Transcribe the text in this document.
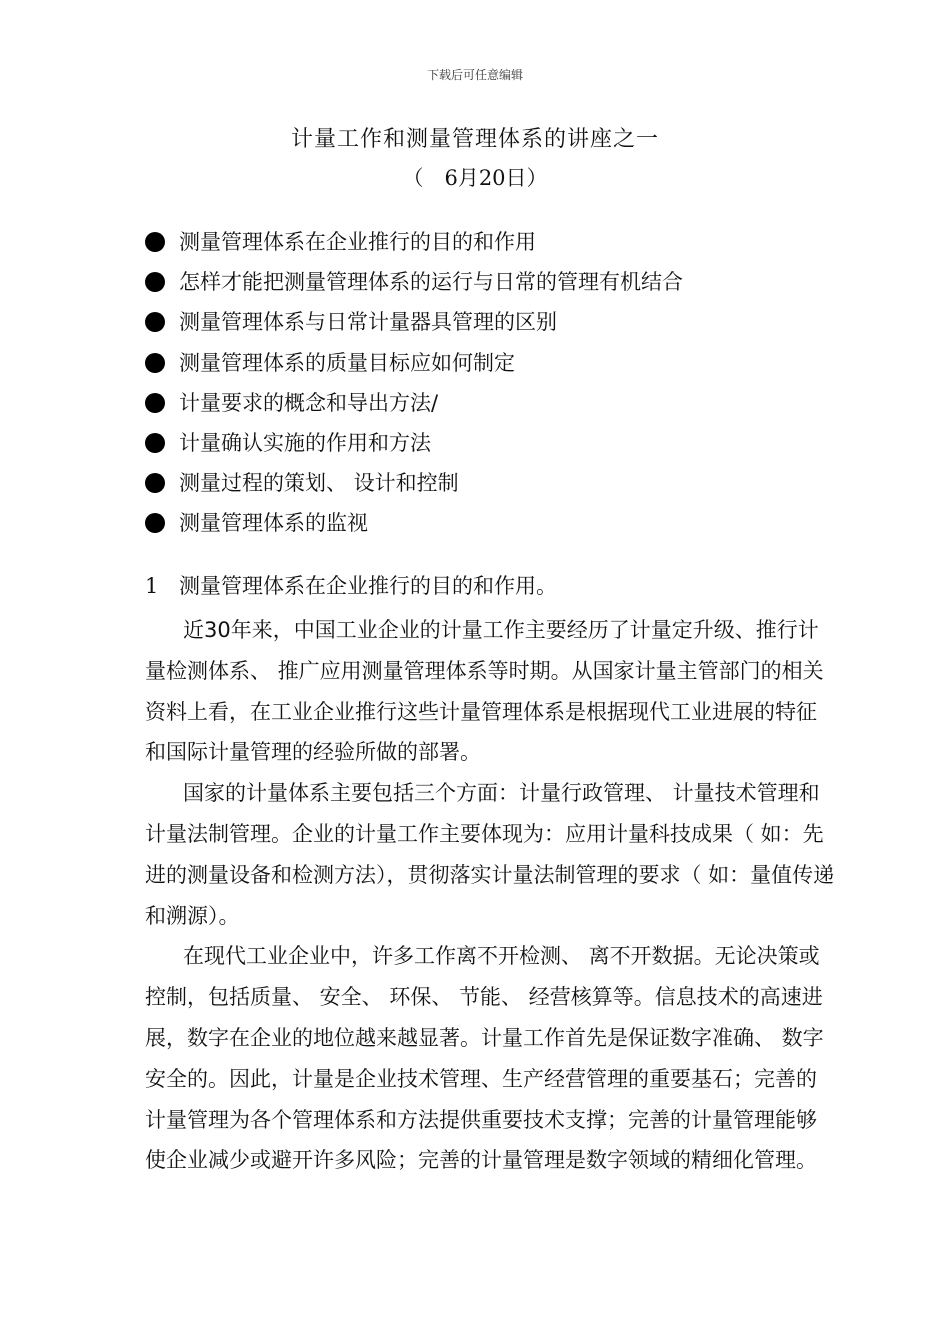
下载后可任意编辑
计量工作和测量管理体系的讲座之一
（　6月20日）
测量管理体系在企业推行的目的和作用
怎样才能把测量管理体系的运行与日常的管理有机结合
测量管理体系与日常计量器具管理的区别
测量管理体系的质量目标应如何制定
计量要求的概念和导出方法/
计量确认实施的作用和方法
测量过程的策划、 设计和控制
测量管理体系的监视
1 测量管理体系在企业推行的目的和作用。

近30年来，中国工业企业的计量工作主要经历了计量定升级、推行计量检测体系、 推广应用测量管理体系等时期。从国家计量主管部门的相关资料上看，在工业企业推行这些计量管理体系是根据现代工业进展的特征和国际计量管理的经验所做的部署。

国家的计量体系主要包括三个方面：计量行政管理、 计量技术管理和计量法制管理。企业的计量工作主要体现为：应用计量科技成果（ 如：先进的测量设备和检测方法），贯彻落实计量法制管理的要求（ 如：量值传递和溯源）。

在现代工业企业中，许多工作离不开检测、 离不开数据。无论决策或控制，包括质量、 安全、 环保、 节能、 经营核算等。信息技术的高速进展，数字在企业的地位越来越显著。计量工作首先是保证数字准确、 数字安全的。因此，计量是企业技术管理、生产经营管理的重要基石；完善的计量管理为各个管理体系和方法提供重要技术支撑；完善的计量管理能够使企业减少或避开许多风险；完善的计量管理是数字领域的精细化管理。
